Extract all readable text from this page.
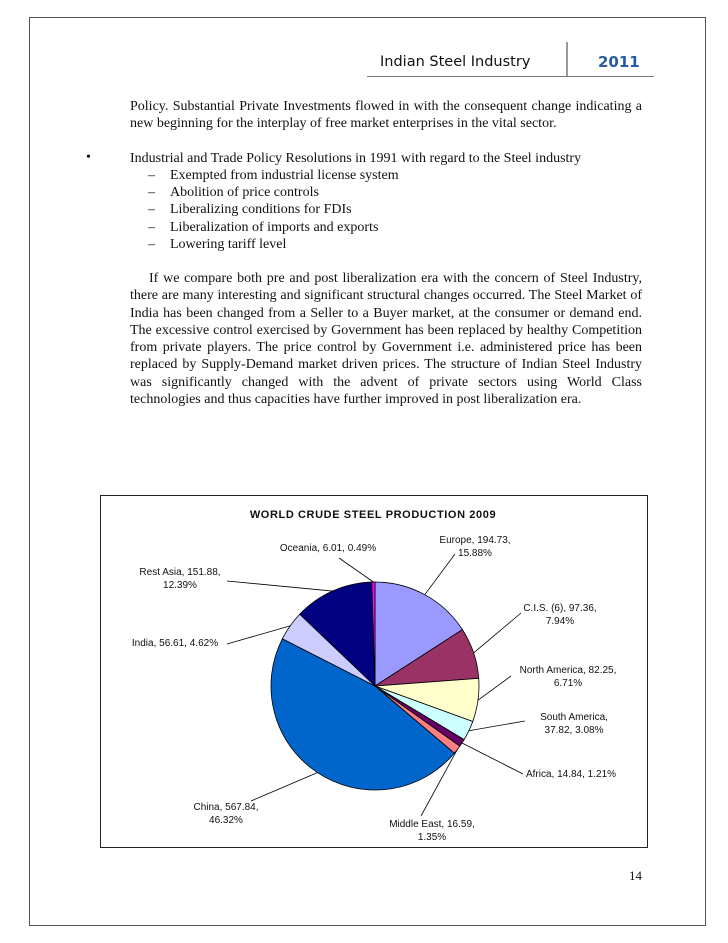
Indian Steel Industry	2011
Policy. Substantial Private Investments flowed in with the consequent change indicating a new beginning for the interplay of free market enterprises in the vital sector.
•	Industrial and Trade Policy Resolutions in 1991 with regard to the Steel industry
– Exempted from industrial license system
– Abolition of price controls
– Liberalizing conditions for FDIs
– Liberalization of imports and exports
– Lowering tariff level
If we compare both pre and post liberalization era with the concern of Steel Industry, there are many interesting and significant structural changes occurred. The Steel Market of India has been changed from a Seller to a Buyer market, at the consumer or demand end. The excessive control exercised by Government has been replaced by healthy Competition from private players. The price control by Government i.e. administered price has been replaced by Supply-Demand market driven prices. The structure of Indian Steel Industry was significantly changed with the advent of private sectors using World Class technologies and thus capacities have further improved in post liberalization era.
WORLD CRUDE STEEL PRODUCTION 2009
Europe, 194.73, 15.88%
C.I.S. (6), 97.36, 7.94%
North America, 82.25, 6.71%
South America, 37.82, 3.08%
Africa, 14.84, 1.21%
Middle East, 16.59, 1.35%
China, 567.84, 46.32%
India, 56.61, 4.62%
Rest Asia, 151.88, 12.39%
Oceania, 6.01, 0.49%
14
